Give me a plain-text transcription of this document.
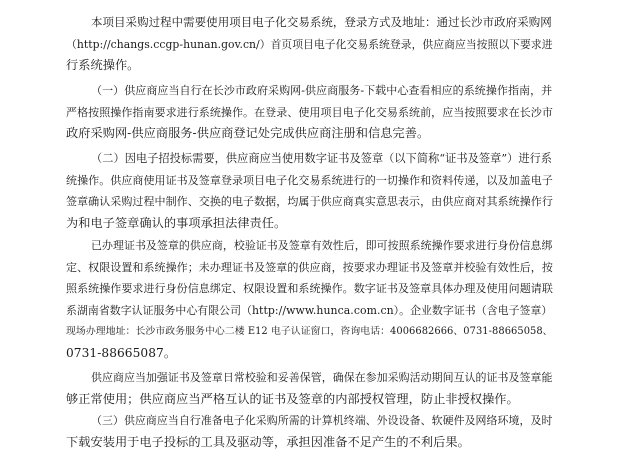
本项目采购过程中需要使用项目电子化交易系统，登录方式及地址：通过长沙市政府采购网
（http://changs.ccgp-hunan.gov.cn/）首页项目电子化交易系统登录，供应商应当按照以下要求进
行系统操作。

（一）供应商应当自行在长沙市政府采购网-供应商服务-下载中心查看相应的系统操作指南，并
严格按照操作指南要求进行系统操作。在登录、使用项目电子化交易系统前，应当按照要求在长沙市
政府采购网-供应商服务-供应商登记处完成供应商注册和信息完善。

（二）因电子招投标需要，供应商应当使用数字证书及签章（以下简称“证书及签章”）进行系
统操作。供应商使用证书及签章登录项目电子化交易系统进行的一切操作和资料传递，以及加盖电子
签章确认采购过程中制作、交换的电子数据，均属于供应商真实意思表示，由供应商对其系统操作行
为和电子签章确认的事项承担法律责任。

已办理证书及签章的供应商，校验证书及签章有效性后，即可按照系统操作要求进行身份信息绑
定、权限设置和系统操作；未办理证书及签章的供应商，按要求办理证书及签章并校验有效性后，按
照系统操作要求进行身份信息绑定、权限设置和系统操作。数字证书及签章具体办理及使用问题请联
系湖南省数字认证服务中心有限公司（http://www.hunca.com.cn）。企业数字证书（含电子签章）
现场办理地址：长沙市政务服务中心二楼 E12 电子认证窗口，咨询电话：4006682666、0731-88665058、
0731-88665087。

供应商应当加强证书及签章日常校验和妥善保管，确保在参加采购活动期间互认的证书及签章能
够正常使用；供应商应当严格互认的证书及签章的内部授权管理，防止非授权操作。

（三）供应商应当自行准备电子化采购所需的计算机终端、外设设备、软硬件及网络环境，及时
下载安装用于电子投标的工具及驱动等，承担因准备不足产生的不利后果。
